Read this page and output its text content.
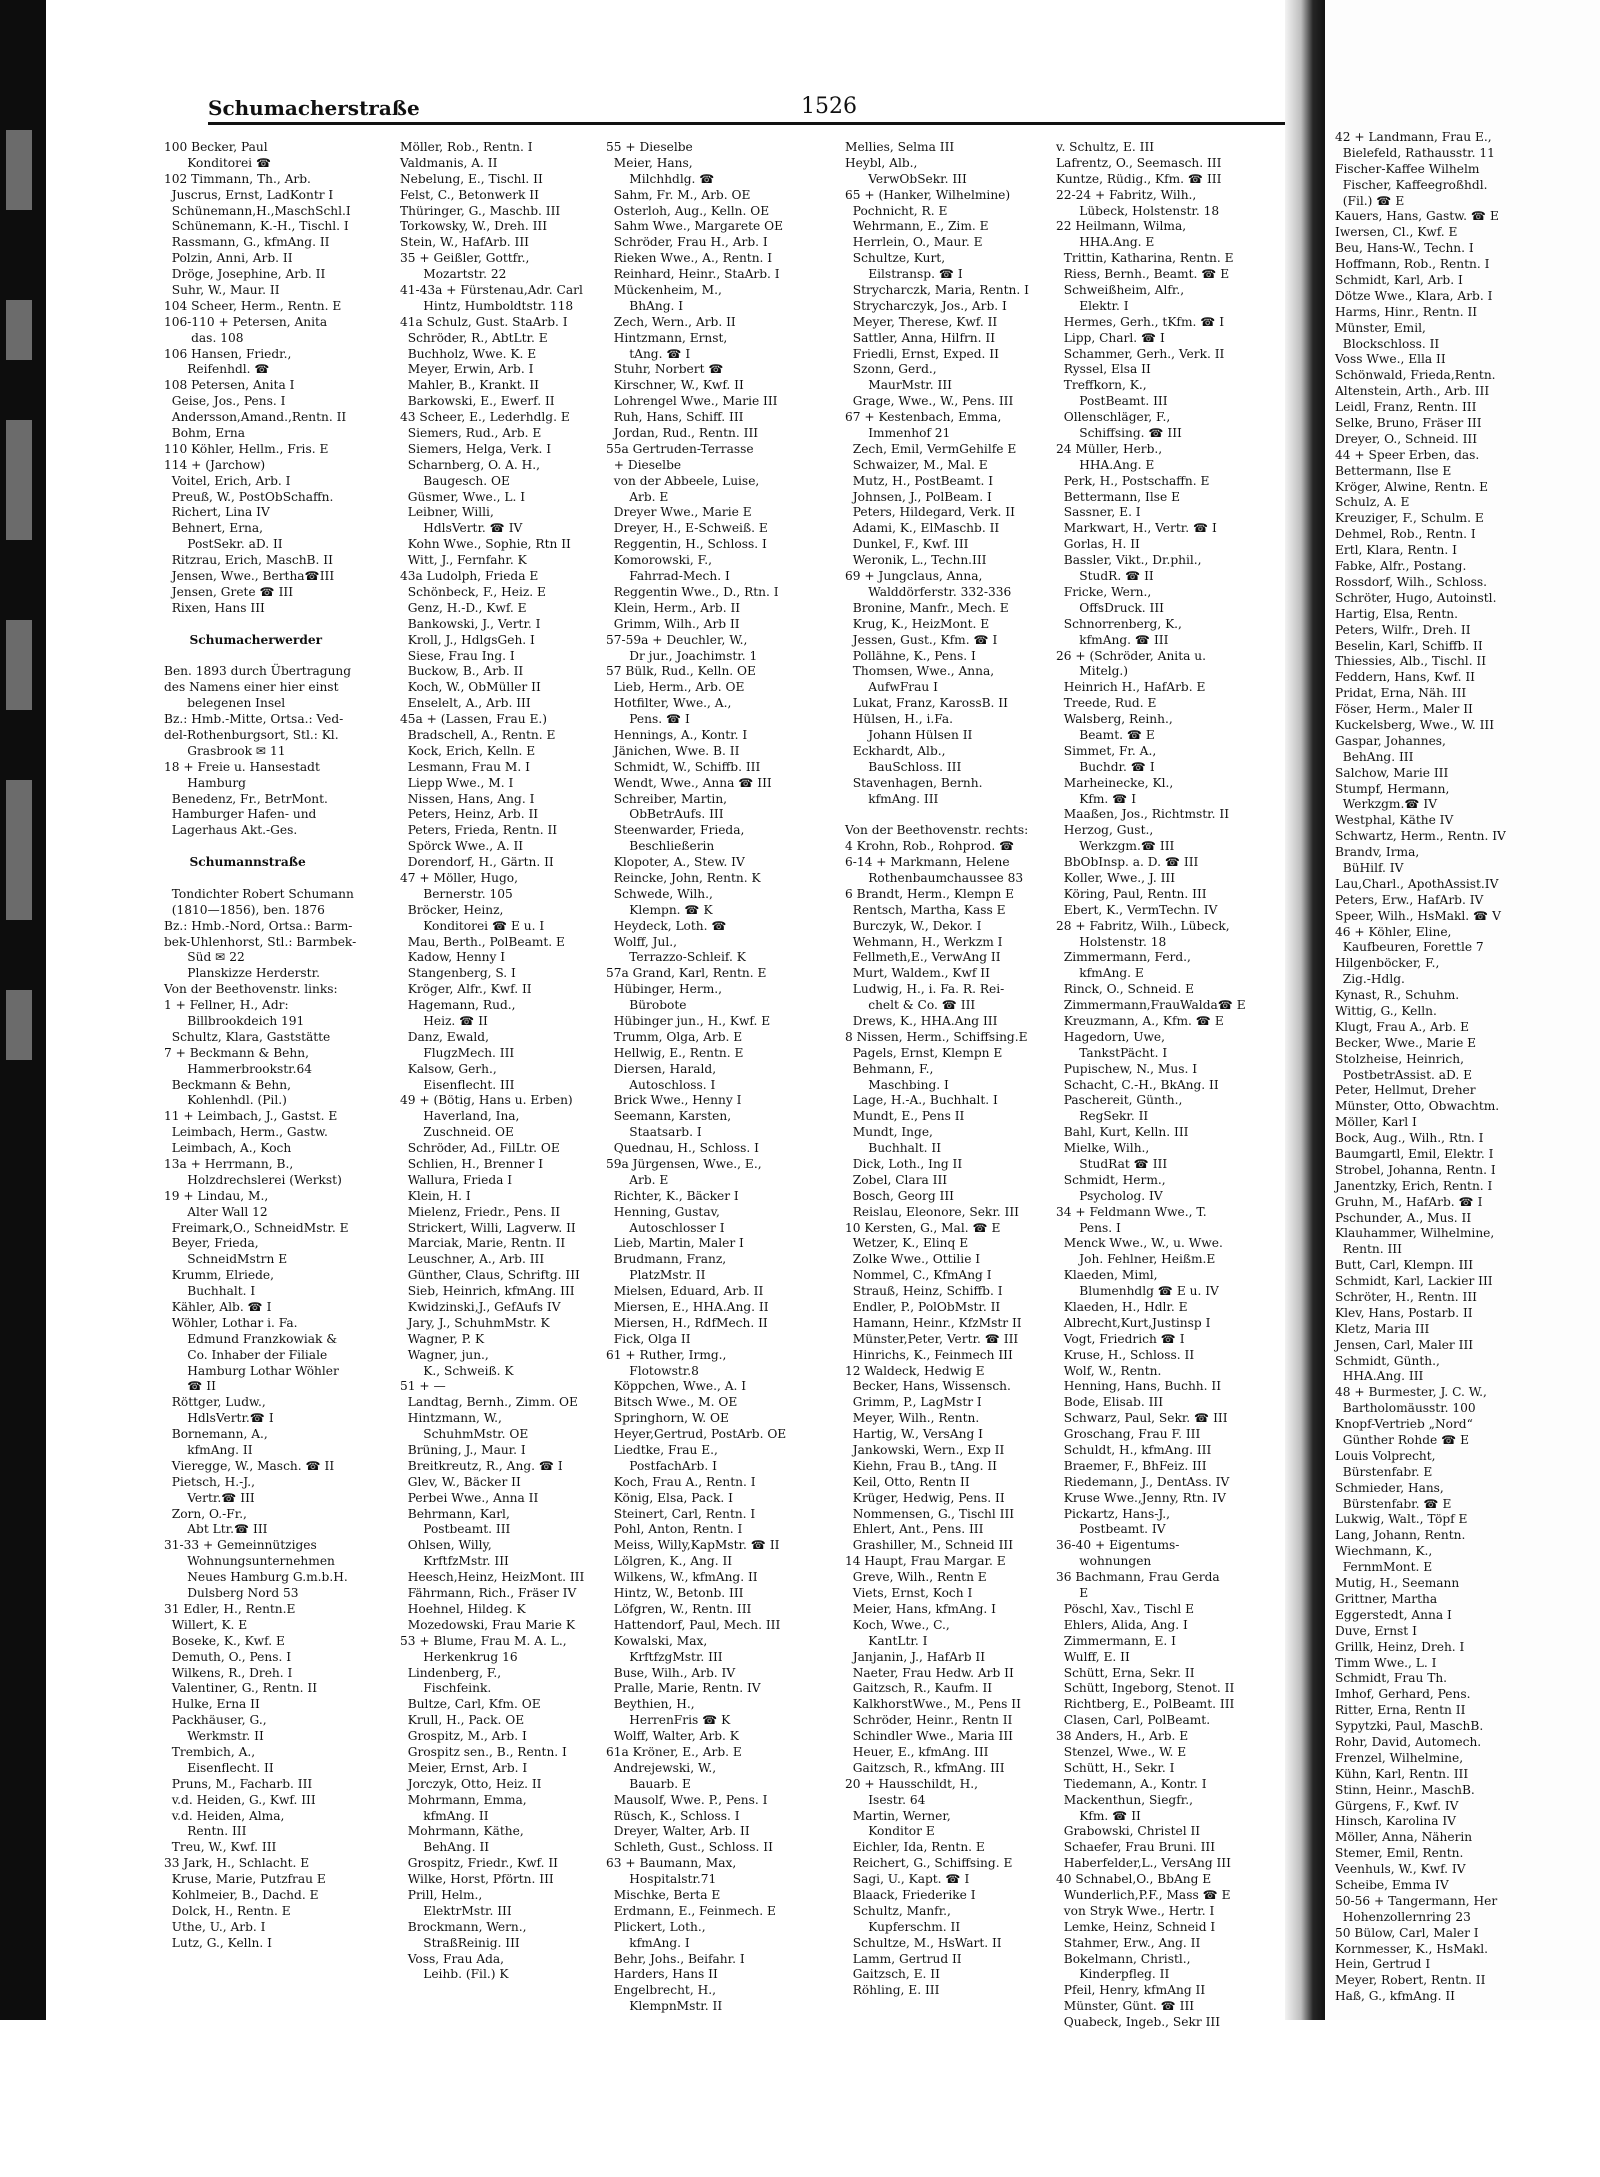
Schumacherstraße	1526
100 Becker, Paul
Konditorei ☎
102 Timmann, Th., Arb.
Juscrus, Ernst, LadKontr I
Schünemann,H.,MaschSchl.I
Schünemann, K.-H., Tischl. I
Rassmann, G., kfmAng. II
Polzin, Anni, Arb. II
Dröge, Josephine, Arb. II
Suhr, W., Maur. II
104 Scheer, Herm., Rentn. E
106-110 + Petersen, Anita
das. 108
106 Hansen, Friedr.,
Reifenhdl. ☎
108 Petersen, Anita I
Geise, Jos., Pens. I
Andersson,Amand.,Rentn. II
Bohm, Erna
110 Köhler, Hellm., Fris. E
114 + (Jarchow)
Voitel, Erich, Arb. I
Preuß, W., PostObSchaffn.
Richert, Lina IV
Behnert, Erna,
PostSekr. aD. II
Ritzrau, Erich, MaschB. II
Jensen, Wwe., Bertha☎III
Jensen, Grete ☎ III
Rixen, Hans III
Schumacherwerder
Ben. 1893 durch Übertragung
des Namens einer hier einst
belegenen Insel
Bz.: Hmb.-Mitte, Ortsa.: Ved-
del-Rothenburgsort, Stl.: Kl.
Grasbrook ✉ 11
18 + Freie u. Hansestadt
Hamburg
Benedenz, Fr., BetrMont.
Hamburger Hafen- und
Lagerhaus Akt.-Ges.
Schumannstraße
Tondichter Robert Schumann
(1810—1856), ben. 1876
Bz.: Hmb.-Nord, Ortsa.: Barm-
bek-Uhlenhorst, Stl.: Barmbek-
Süd ✉ 22
Planskizze Herderstr.
Von der Beethovenstr. links:
1 + Fellner, H., Adr:
Billbrookdeich 191
Schultz, Klara, Gaststätte
7 + Beckmann & Behn,
Hammerbrookstr.64
Beckmann & Behn,
Kohlenhdl. (Pil.)
11 + Leimbach, J., Gastst. E
Leimbach, Herm., Gastw.
Leimbach, A., Koch
13a + Herrmann, B.,
Holzdrechslerei (Werkst)
19 + Lindau, M.,
Alter Wall 12
Freimark,O., SchneidMstr. E
Beyer, Frieda,
SchneidMstrn E
Krumm, Elriede,
Buchhalt. I
Kähler, Alb. ☎ I
Wöhler, Lothar i. Fa.
Edmund Franzkowiak &
Co. Inhaber der Filiale
Hamburg Lothar Wöhler
☎ II
Röttger, Ludw.,
HdlsVertr.☎ I
Bornemann, A.,
kfmAng. II
Vieregge, W., Masch. ☎ II
Pietsch, H.-J.,
Vertr.☎ III
Zorn, O.-Fr.,
Abt Ltr.☎ III
31-33 + Gemeinnütziges
Wohnungsunternehmen
Neues Hamburg G.m.b.H.
Dulsberg Nord 53
31 Edler, H., Rentn.E
Willert, K. E
Boseke, K., Kwf. E
Demuth, O., Pens. I
Wilkens, R., Dreh. I
Valentiner, G., Rentn. II
Hulke, Erna II
Packhäuser, G.,
Werkmstr. II
Trembich, A.,
Eisenflecht. II
Pruns, M., Facharb. III
v.d. Heiden, G., Kwf. III
v.d. Heiden, Alma,
Rentn. III
Treu, W., Kwf. III
33 Jark, H., Schlacht. E
Kruse, Marie, Putzfrau E
Kohlmeier, B., Dachd. E
Dolck, H., Rentn. E
Uthe, U., Arb. I
Lutz, G., Kelln. I
Möller, Rob., Rentn. I
Valdmanis, A. II
Nebelung, E., Tischl. II
Felst, C., Betonwerk II
Thüringer, G., Maschb. III
Torkowsky, W., Dreh. III
Stein, W., HafArb. III
35 + Geißler, Gottfr.,
Mozartstr. 22
41-43a + Fürstenau,Adr. Carl
Hintz, Humboldtstr. 118
41a Schulz, Gust. StaArb. I
Schröder, R., AbtLtr. E
Buchholz, Wwe. K. E
Meyer, Erwin, Arb. I
Mahler, B., Krankt. II
Barkowski, E., Ewerf. II
43 Scheer, E., Lederhdlg. E
Siemers, Rud., Arb. E
Siemers, Helga, Verk. I
Scharnberg, O. A. H.,
Baugesch. OE
Güsmer, Wwe., L. I
Leibner, Willi,
HdlsVertr. ☎ IV
Kohn Wwe., Sophie, Rtn II
Witt, J., Fernfahr. K
43a Ludolph, Frieda E
Schönbeck, F., Heiz. E
Genz, H.-D., Kwf. E
Bankowski, J., Vertr. I
Kroll, J., HdlgsGeh. I
Siese, Frau Ing. I
Buckow, B., Arb. II
Koch, W., ObMüller II
Enselelt, A., Arb. III
45a + (Lassen, Frau E.)
Bradschell, A., Rentn. E
Kock, Erich, Kelln. E
Lesmann, Frau M. I
Liepp Wwe., M. I
Nissen, Hans, Ang. I
Peters, Heinz, Arb. II
Peters, Frieda, Rentn. II
Spörck Wwe., A. II
Dorendorf, H., Gärtn. II
47 + Möller, Hugo,
Bernerstr. 105
Bröcker, Heinz,
Konditorei ☎ E u. I
Mau, Berth., PolBeamt. E
Kadow, Henny I
Stangenberg, S. I
Kröger, Alfr., Kwf. II
Hagemann, Rud.,
Heiz. ☎ II
Danz, Ewald,
FlugzMech. III
Kalsow, Gerh.,
Eisenflecht. III
49 + (Bötig, Hans u. Erben)
Haverland, Ina,
Zuschneid. OE
Schröder, Ad., FilLtr. OE
Schlien, H., Brenner I
Wallura, Frieda I
Klein, H. I
Mielenz, Friedr., Pens. II
Strickert, Willi, Lagverw. II
Marciak, Marie, Rentn. II
Leuschner, A., Arb. III
Günther, Claus, Schriftg. III
Sieb, Heinrich, kfmAng. III
Kwidzinski,J., GefAufs IV
Jary, J., SchuhmMstr. K
Wagner, P. K
Wagner, jun.,
K., Schweiß. K
51 + —
Landtag, Bernh., Zimm. OE
Hintzmann, W.,
SchuhmMstr. OE
Brüning, J., Maur. I
Breitkreutz, R., Ang. ☎ I
Glev, W., Bäcker II
Perbei Wwe., Anna II
Behrmann, Karl,
Postbeamt. III
Ohlsen, Willy,
KrftfzMstr. III
Heesch,Heinz, HeizMont. III
Fährmann, Rich., Fräser IV
Hoehnel, Hildeg. K
Mozedowski, Frau Marie K
53 + Blume, Frau M. A. L.,
Herkenkrug 16
Lindenberg, F.,
Fischfeink.
Bultze, Carl, Kfm. OE
Krull, H., Pack. OE
Grospitz, M., Arb. I
Grospitz sen., B., Rentn. I
Meier, Ernst, Arb. I
Jorczyk, Otto, Heiz. II
Mohrmann, Emma,
kfmAng. II
Mohrmann, Käthe,
BehAng. II
Grospitz, Friedr., Kwf. II
Wilke, Horst, Pförtn. III
Prill, Helm.,
ElektrMstr. III
Brockmann, Wern.,
StraßReinig. III
Voss, Frau Ada,
Leihb. (Fil.) K
55 + Dieselbe
Meier, Hans,
Milchhdlg. ☎
Sahm, Fr. M., Arb. OE
Osterloh, Aug., Kelln. OE
Sahm Wwe., Margarete OE
Schröder, Frau H., Arb. I
Rieken Wwe., A., Rentn. I
Reinhard, Heinr., StaArb. I
Mückenheim, M.,
BhAng. I
Zech, Wern., Arb. II
Hintzmann, Ernst,
tAng. ☎ I
Stuhr, Norbert ☎
Kirschner, W., Kwf. II
Lohrengel Wwe., Marie III
Ruh, Hans, Schiff. III
Jordan, Rud., Rentn. III
55a Gertruden-Terrasse
+ Dieselbe
von der Abbeele, Luise,
Arb. E
Dreyer Wwe., Marie E
Dreyer, H., E-Schweiß. E
Reggentin, H., Schloss. I
Komorowski, F.,
Fahrrad-Mech. I
Reggentin Wwe., D., Rtn. I
Klein, Herm., Arb. II
Grimm, Wilh., Arb II
57-59a + Deuchler, W.,
Dr jur., Joachimstr. 1
57 Bülk, Rud., Kelln. OE
Lieb, Herm., Arb. OE
Hotfilter, Wwe., A.,
Pens. ☎ I
Hennings, A., Kontr. I
Jänichen, Wwe. B. II
Schmidt, W., Schiffb. III
Wendt, Wwe., Anna ☎ III
Schreiber, Martin,
ObBetrAufs. III
Steenwarder, Frieda,
Beschließerin
Klopoter, A., Stew. IV
Reincke, John, Rentn. K
Schwede, Wilh.,
Klempn. ☎ K
Heydeck, Loth. ☎
Wolff, Jul.,
Terrazzo-Schleif. K
57a Grand, Karl, Rentn. E
Hübinger, Herm.,
Bürobote
Hübinger jun., H., Kwf. E
Trumm, Olga, Arb. E
Hellwig, E., Rentn. E
Diersen, Harald,
Autoschloss. I
Brick Wwe., Henny I
Seemann, Karsten,
Staatsarb. I
Quednau, H., Schloss. I
59a Jürgensen, Wwe., E.,
Arb. E
Richter, K., Bäcker I
Henning, Gustav,
Autoschlosser I
Lieb, Martin, Maler I
Brudmann, Franz,
PlatzMstr. II
Mielsen, Eduard, Arb. II
Miersen, E., HHA.Ang. II
Miersen, H., RdfMech. II
Fick, Olga II
61 + Ruther, Irmg.,
Flotowstr.8
Köppchen, Wwe., A. I
Bitsch Wwe., M. OE
Springhorn, W. OE
Heyer,Gertrud, PostArb. OE
Liedtke, Frau E.,
PostfachArb. I
Koch, Frau A., Rentn. I
König, Elsa, Pack. I
Steinert, Carl, Rentn. I
Pohl, Anton, Rentn. I
Meiss, Willy,KapMstr. ☎ II
Lölgren, K., Ang. II
Wilkens, W., kfmAng. II
Hintz, W., Betonb. III
Löfgren, W., Rentn. III
Hattendorf, Paul, Mech. III
Kowalski, Max,
KrftfzgMstr. III
Buse, Wilh., Arb. IV
Pralle, Marie, Rentn. IV
Beythien, H.,
HerrenFris ☎ K
Wolff, Walter, Arb. K
61a Kröner, E., Arb. E
Andrejewski, W.,
Bauarb. E
Mausolf, Wwe. P., Pens. I
Rüsch, K., Schloss. I
Dreyer, Walter, Arb. II
Schleth, Gust., Schloss. II
63 + Baumann, Max,
Hospitalstr.71
Mischke, Berta E
Erdmann, E., Feinmech. E
Plickert, Loth.,
kfmAng. I
Behr, Johs., Beifahr. I
Harders, Hans II
Engelbrecht, H.,
KlempnMstr. II
Mellies, Selma III
Heybl, Alb.,
VerwObSekr. III
65 + (Hanker, Wilhelmine)
Pochnicht, R. E
Wehrmann, E., Zim. E
Herrlein, O., Maur. E
Schultze, Kurt,
Eilstransp. ☎ I
Strycharczk, Maria, Rentn. I
Strycharczyk, Jos., Arb. I
Meyer, Therese, Kwf. II
Sattler, Anna, Hilfrn. II
Friedli, Ernst, Exped. II
Szonn, Gerd.,
MaurMstr. III
Grage, Wwe., W., Pens. III
67 + Kestenbach, Emma,
Immenhof 21
Zech, Emil, VermGehilfe E
Schwaizer, M., Mal. E
Mutz, H., PostBeamt. I
Johnsen, J., PolBeam. I
Peters, Hildegard, Verk. II
Adami, K., ElMaschb. II
Dunkel, F., Kwf. III
Weronik, L., Techn.III
69 + Jungclaus, Anna,
Walddörferstr. 332-336
Bronine, Manfr., Mech. E
Krug, K., HeizMont. E
Jessen, Gust., Kfm. ☎ I
Pollähne, K., Pens. I
Thomsen, Wwe., Anna,
AufwFrau I
Lukat, Franz, KarossB. II
Hülsen, H., i.Fa.
Johann Hülsen II
Eckhardt, Alb.,
BauSchloss. III
Stavenhagen, Bernh.
kfmAng. III
Von der Beethovenstr. rechts:
4 Krohn, Rob., Rohprod. ☎
6-14 + Markmann, Helene
Rothenbaumchaussee 83
6 Brandt, Herm., Klempn E
Rentsch, Martha, Kass E
Burczyk, W., Dekor. I
Wehmann, H., Werkzm I
Fellmeth,E., VerwAng II
Murt, Waldem., Kwf II
Ludwig, H., i. Fa. R. Rei-
chelt & Co. ☎ III
Drews, K., HHA.Ang III
8 Nissen, Herm., Schiffsing.E
Pagels, Ernst, Klempn E
Behmann, F.,
Maschbing. I
Lage, H.-A., Buchhalt. I
Mundt, E., Pens II
Mundt, Inge,
Buchhalt. II
Dick, Loth., Ing II
Zobel, Clara III
Bosch, Georg III
Reislau, Eleonore, Sekr. III
10 Kersten, G., Mal. ☎ E
Wetzer, K., Elinq E
Zolke Wwe., Ottilie I
Nommel, C., KfmAng I
Strauß, Heinz, Schiffb. I
Endler, P., PolObMstr. II
Hamann, Heinr., KfzMstr II
Münster,Peter, Vertr. ☎ III
Hinrichs, K., Feinmech III
12 Waldeck, Hedwig E
Becker, Hans, Wissensch.
Grimm, P., LagMstr I
Meyer, Wilh., Rentn.
Hartig, W., VersAng I
Jankowski, Wern., Exp II
Kiehn, Frau B., tAng. II
Keil, Otto, Rentn II
Krüger, Hedwig, Pens. II
Nommensen, G., Tischl III
Ehlert, Ant., Pens. III
Grashiller, M., Schneid III
14 Haupt, Frau Margar. E
Greve, Wilh., Rentn E
Viets, Ernst, Koch I
Meier, Hans, kfmAng. I
Koch, Wwe., C.,
KantLtr. I
Janjanin, J., HafArb II
Naeter, Frau Hedw. Arb II
Gaitzsch, R., Kaufm. II
KalkhorstWwe., M., Pens II
Schröder, Heinr., Rentn II
Schindler Wwe., Maria III
Heuer, E., kfmAng. III
Gaitzsch, R., kfmAng. III
20 + Hausschildt, H.,
Isestr. 64
Martin, Werner,
Konditor E
Eichler, Ida, Rentn. E
Reichert, G., Schiffsing. E
Sagi, U., Kapt. ☎ I
Blaack, Friederike I
Schultz, Manfr.,
Kupferschm. II
Schultze, M., HsWart. II
Lamm, Gertrud II
Gaitzsch, E. II
Röhling, E. III
v. Schultz, E. III
Lafrentz, O., Seemasch. III
Kuntze, Rüdig., Kfm. ☎ III
22-24 + Fabritz, Wilh.,
Lübeck, Holstenstr. 18
22 Heilmann, Wilma,
HHA.Ang. E
Trittin, Katharina, Rentn. E
Riess, Bernh., Beamt. ☎ E
Schweißheim, Alfr.,
Elektr. I
Hermes, Gerh., tKfm. ☎ I
Lipp, Charl. ☎ I
Schammer, Gerh., Verk. II
Ryssel, Elsa II
Treffkorn, K.,
PostBeamt. III
Ollenschläger, F.,
Schiffsing. ☎ III
24 Müller, Herb.,
HHA.Ang. E
Perk, H., Postschaffn. E
Bettermann, Ilse E
Sassner, E. I
Markwart, H., Vertr. ☎ I
Gorlas, H. II
Bassler, Vikt., Dr.phil.,
StudR. ☎ II
Fricke, Wern.,
OffsDruck. III
Schnorrenberg, K.,
kfmAng. ☎ III
26 + (Schröder, Anita u.
Mitelg.)
Heinrich H., HafArb. E
Treede, Rud. E
Walsberg, Reinh.,
Beamt. ☎ E
Simmet, Fr. A.,
Buchdr. ☎ I
Marheinecke, Kl.,
Kfm. ☎ I
Maaßen, Jos., Richtmstr. II
Herzog, Gust.,
Werkzgm.☎ III
BbObInsp. a. D. ☎ III
Koller, Wwe., J. III
Köring, Paul, Rentn. III
Ebert, K., VermTechn. IV
28 + Fabritz, Wilh., Lübeck,
Holstenstr. 18
Zimmermann, Ferd.,
kfmAng. E
Rinck, O., Schneid. E
Zimmermann,FrauWalda☎ E
Kreuzmann, A., Kfm. ☎ E
Hagedorn, Uwe,
TankstPächt. I
Pupischew, N., Mus. I
Schacht, C.-H., BkAng. II
Paschereit, Günth.,
RegSekr. II
Bahl, Kurt, Kelln. III
Mielke, Wilh.,
StudRat ☎ III
Schmidt, Herm.,
Psycholog. IV
34 + Feldmann Wwe., T.
Pens. I
Menck Wwe., W., u. Wwe.
Joh. Fehlner, Heißm.E
Klaeden, Miml,
Blumenhdlg ☎ E u. IV
Klaeden, H., Hdlr. E
Albrecht,Kurt,Justinsp I
Vogt, Friedrich ☎ I
Kruse, H., Schloss. II
Wolf, W., Rentn.
Henning, Hans, Buchh. II
Bode, Elisab. III
Schwarz, Paul, Sekr. ☎ III
Groschang, Frau F. III
Schuldt, H., kfmAng. III
Braemer, F., BhFeiz. III
Riedemann, J., DentAss. IV
Kruse Wwe.,Jenny, Rtn. IV
Pickartz, Hans-J.,
Postbeamt. IV
36-40 + Eigentums-
wohnungen
36 Bachmann, Frau Gerda
E
Pöschl, Xav., Tischl E
Ehlers, Alida, Ang. I
Zimmermann, E. I
Wulff, E. II
Schütt, Erna, Sekr. II
Schütt, Ingeborg, Stenot. II
Richtberg, E., PolBeamt. III
Clasen, Carl, PolBeamt.
38 Anders, H., Arb. E
Stenzel, Wwe., W. E
Schütt, H., Sekr. I
Tiedemann, A., Kontr. I
Mackenthun, Siegfr.,
Kfm. ☎ II
Grabowski, Christel II
Schaefer, Frau Bruni. III
Haberfelder,L., VersAng III
40 Schnabel,O., BbAng E
Wunderlich,P.F., Mass ☎ E
von Stryk Wwe., Hertr. I
Lemke, Heinz, Schneid I
Stahmer, Erw., Ang. II
Bokelmann, Christl.,
Kinderpfleg. II
Pfeil, Henry, kfmAng II
Münster, Günt. ☎ III
Quabeck, Ingeb., Sekr III
42 + Landmann, Frau E.,
Bielefeld, Rathausstr. 11
Fischer-Kaffee Wilhelm
Fischer, Kaffeegroßhdl.
(Fil.) ☎ E
Kauers, Hans, Gastw. ☎ E
Iwersen, Cl., Kwf. E
Beu, Hans-W., Techn. I
Hoffmann, Rob., Rentn. I
Schmidt, Karl, Arb. I
Dötze Wwe., Klara, Arb. I
Harms, Hinr., Rentn. II
Münster, Emil,
Blockschloss. II
Voss Wwe., Ella II
Schönwald, Frieda,Rentn.
Altenstein, Arth., Arb. III
Leidl, Franz, Rentn. III
Selke, Bruno, Fräser III
Dreyer, O., Schneid. III
44 + Speer Erben, das.
Bettermann, Ilse E
Kröger, Alwine, Rentn. E
Schulz, A. E
Kreuziger, F., Schulm. E
Dehmel, Rob., Rentn. I
Ertl, Klara, Rentn. I
Fabke, Alfr., Postang.
Rossdorf, Wilh., Schloss.
Schröter, Hugo, Autoinstl.
Hartig, Elsa, Rentn.
Peters, Wilfr., Dreh. II
Beselin, Karl, Schiffb. II
Thiessies, Alb., Tischl. II
Feddern, Hans, Kwf. II
Pridat, Erna, Näh. III
Föser, Herm., Maler II
Kuckelsberg, Wwe., W. III
Gaspar, Johannes,
BehAng. III
Salchow, Marie III
Stumpf, Hermann,
Werkzgm.☎ IV
Westphal, Käthe IV
Schwartz, Herm., Rentn. IV
Brandv, Irma,
BüHilf. IV
Lau,Charl., ApothAssist.IV
Peters, Erw., HafArb. IV
Speer, Wilh., HsMakl. ☎ V
46 + Köhler, Eline,
Kaufbeuren, Forettle 7
Hilgenböcker, F.,
Zig.-Hdlg.
Kynast, R., Schuhm.
Wittig, G., Kelln.
Klugt, Frau A., Arb. E
Becker, Wwe., Marie E
Stolzheise, Heinrich,
PostbetrAssist. aD. E
Peter, Hellmut, Dreher
Münster, Otto, Obwachtm.
Möller, Karl I
Bock, Aug., Wilh., Rtn. I
Baumgartl, Emil, Elektr. I
Strobel, Johanna, Rentn. I
Janentzky, Erich, Rentn. I
Gruhn, M., HafArb. ☎ I
Pschunder, A., Mus. II
Klauhammer, Wilhelmine,
Rentn. III
Butt, Carl, Klempn. III
Schmidt, Karl, Lackier III
Schröter, H., Rentn. III
Klev, Hans, Postarb. II
Kletz, Maria III
Jensen, Carl, Maler III
Schmidt, Günth.,
HHA.Ang. III
48 + Burmester, J. C. W.,
Bartholomäusstr. 100
Knopf-Vertrieb „Nord“
Günther Rohde ☎ E
Louis Volprecht,
Bürstenfabr. E
Schmieder, Hans,
Bürstenfabr. ☎ E
Lukwig, Walt., Töpf E
Lang, Johann, Rentn.
Wiechmann, K.,
FernmMont. E
Mutig, H., Seemann
Grittner, Martha
Eggerstedt, Anna I
Duve, Ernst I
Grillk, Heinz, Dreh. I
Timm Wwe., L. I
Schmidt, Frau Th.
Imhof, Gerhard, Pens.
Ritter, Erna, Rentn II
Sypytzki, Paul, MaschB.
Rohr, David, Automech.
Frenzel, Wilhelmine,
Kühn, Karl, Rentn. III
Stinn, Heinr., MaschB.
Gürgens, F., Kwf. IV
Hinsch, Karolina IV
Möller, Anna, Näherin
Stemer, Emil, Rentn.
Veenhuls, W., Kwf. IV
Scheibe, Emma IV
50-56 + Tangermann, Her
Hohenzollernring 23
50 Bülow, Carl, Maler I
Kornmesser, K., HsMakl.
Hein, Gertrud I
Meyer, Robert, Rentn. II
Haß, G., kfmAng. II
